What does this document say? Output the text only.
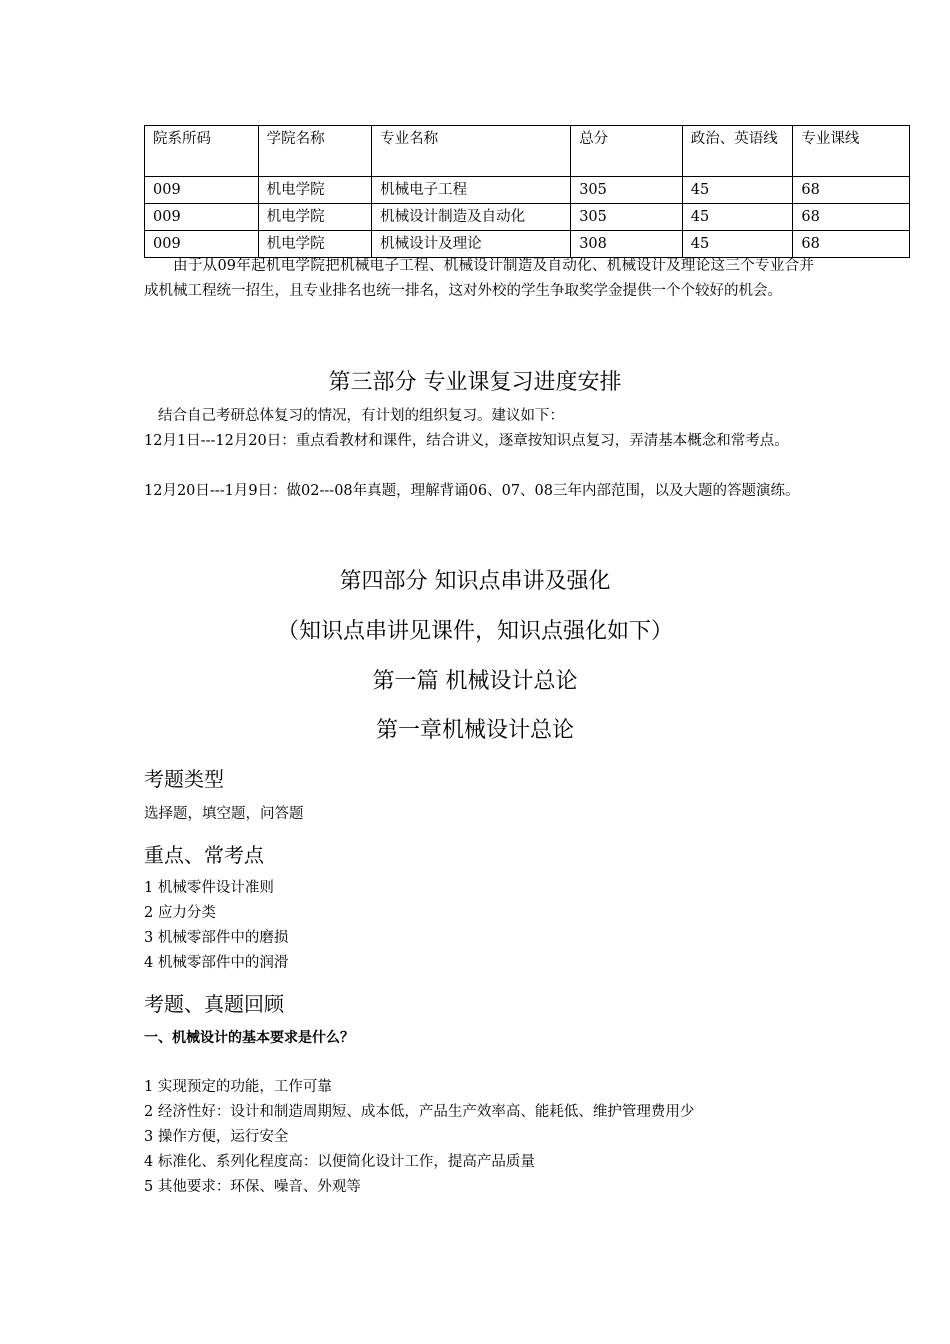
院系所码	学院名称	专业名称	总分	政治、英语线	专业课线
009	机电学院	机械电子工程	305	45	68
009	机电学院	机械设计制造及自动化	305	45	68
009	机电学院	机械设计及理论	308	45	68
由于从09年起机电学院把机械电子工程、机械设计制造及自动化、机械设计及理论这三个专业合并成机械工程统一招生，且专业排名也统一排名，这对外校的学生争取奖学金提供一个个较好的机会。
第三部分 专业课复习进度安排
结合自己考研总体复习的情况，有计划的组织复习。建议如下：
12月1日---12月20日：重点看教材和课件，结合讲义，逐章按知识点复习，弄清基本概念和常考点。
12月20日---1月9日：做02---08年真题，理解背诵06、07、08三年内部范围，以及大题的答题演练。
第四部分 知识点串讲及强化
（知识点串讲见课件，知识点强化如下）
第一篇 机械设计总论
第一章机械设计总论
考题类型
选择题，填空题，问答题
重点、常考点
1 机械零件设计准则
2 应力分类
3 机械零部件中的磨损
4 机械零部件中的润滑
考题、真题回顾
一、机械设计的基本要求是什么？
1 实现预定的功能，工作可靠
2 经济性好：设计和制造周期短、成本低，产品生产效率高、能耗低、维护管理费用少
3 操作方便，运行安全
4 标准化、系列化程度高：以便简化设计工作，提高产品质量
5 其他要求：环保、噪音、外观等
